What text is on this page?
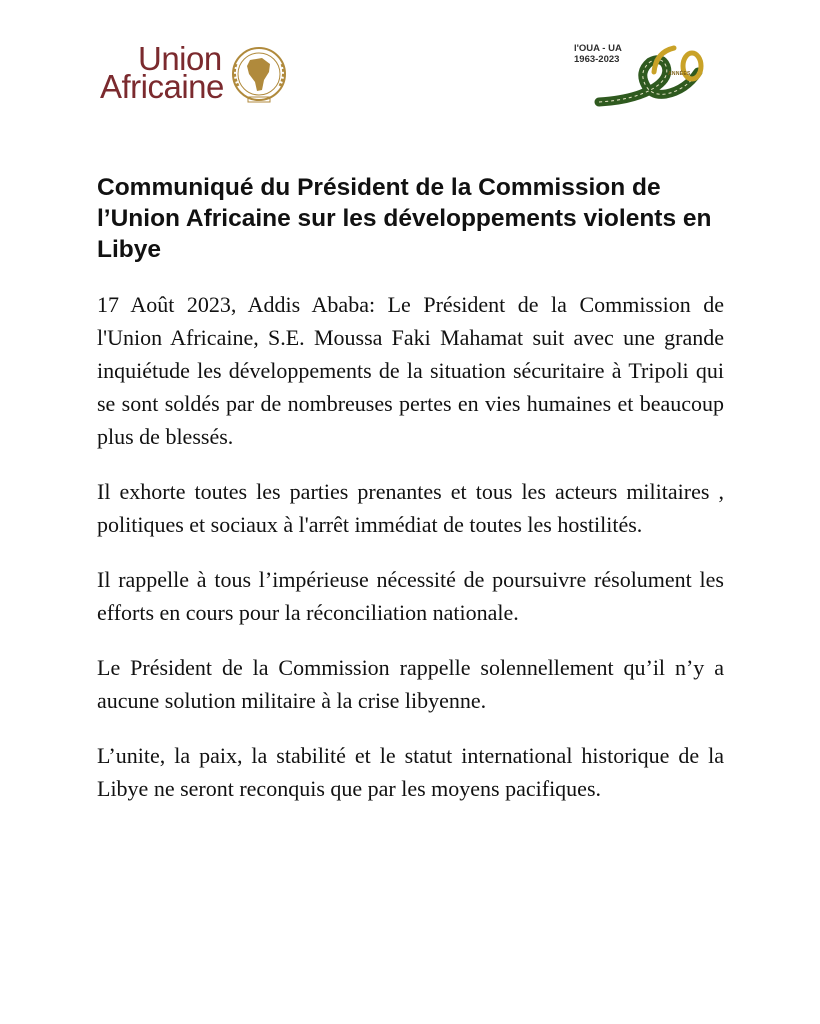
Union
Africaine
l'OUA - UA
1963-2023
ANNÉES
Communiqué du Président de la Commission de l’Union Africaine sur les développements violents en Libye

17 Août 2023, Addis Ababa: Le Président de la Commission de l'Union Africaine, S.E. Moussa Faki Mahamat suit avec une grande inquiétude les développements de la situation sécuritaire à Tripoli qui se sont soldés par de nombreuses pertes en vies humaines et beaucoup plus de blessés.

Il exhorte toutes les parties prenantes et tous les acteurs militaires , politiques et sociaux à l'arrêt immédiat de toutes les hostilités.

Il rappelle à tous l’impérieuse nécessité de poursuivre résolument les efforts en cours pour la réconciliation nationale.

Le Président de la Commission rappelle solennellement qu’il n’y a aucune solution militaire à la crise libyenne.

L’unite, la paix, la stabilité et le statut international historique de la Libye ne seront reconquis que par les moyens pacifiques.
